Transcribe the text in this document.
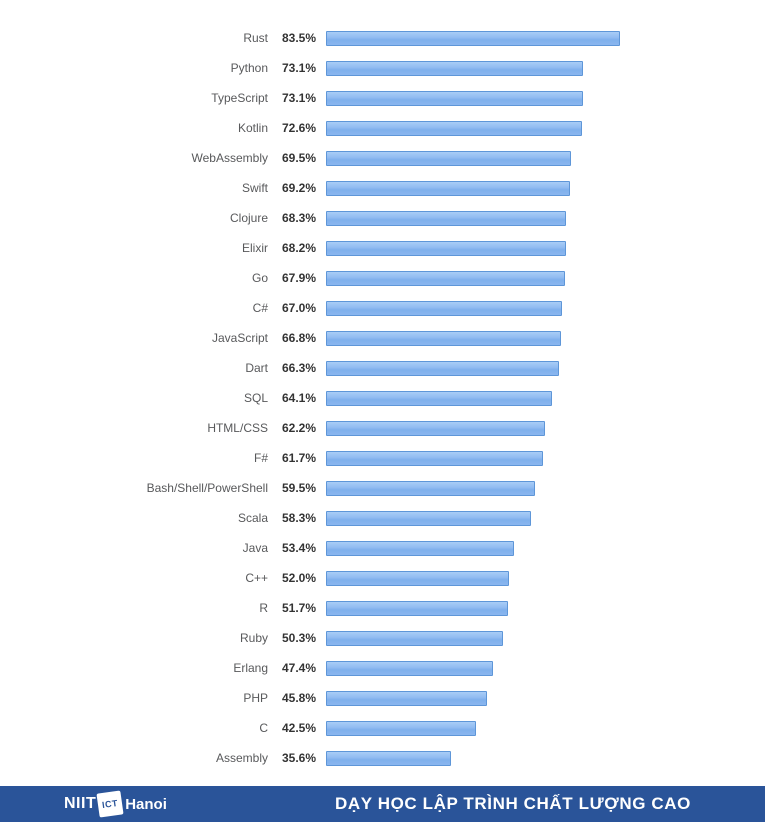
Rust 83.5%
Python 73.1%
TypeScript 73.1%
Kotlin 72.6%
WebAssembly 69.5%
Swift 69.2%
Clojure 68.3%
Elixir 68.2%
Go 67.9%
C# 67.0%
JavaScript 66.8%
Dart 66.3%
SQL 64.1%
HTML/CSS 62.2%
F# 61.7%
Bash/Shell/PowerShell 59.5%
Scala 58.3%
Java 53.4%
C++ 52.0%
R 51.7%
Ruby 50.3%
Erlang 47.4%
PHP 45.8%
C 42.5%
Assembly 35.6%
NIIT ICT Hanoi	DẠY HỌC LẬP TRÌNH CHẤT LƯỢNG CAO
